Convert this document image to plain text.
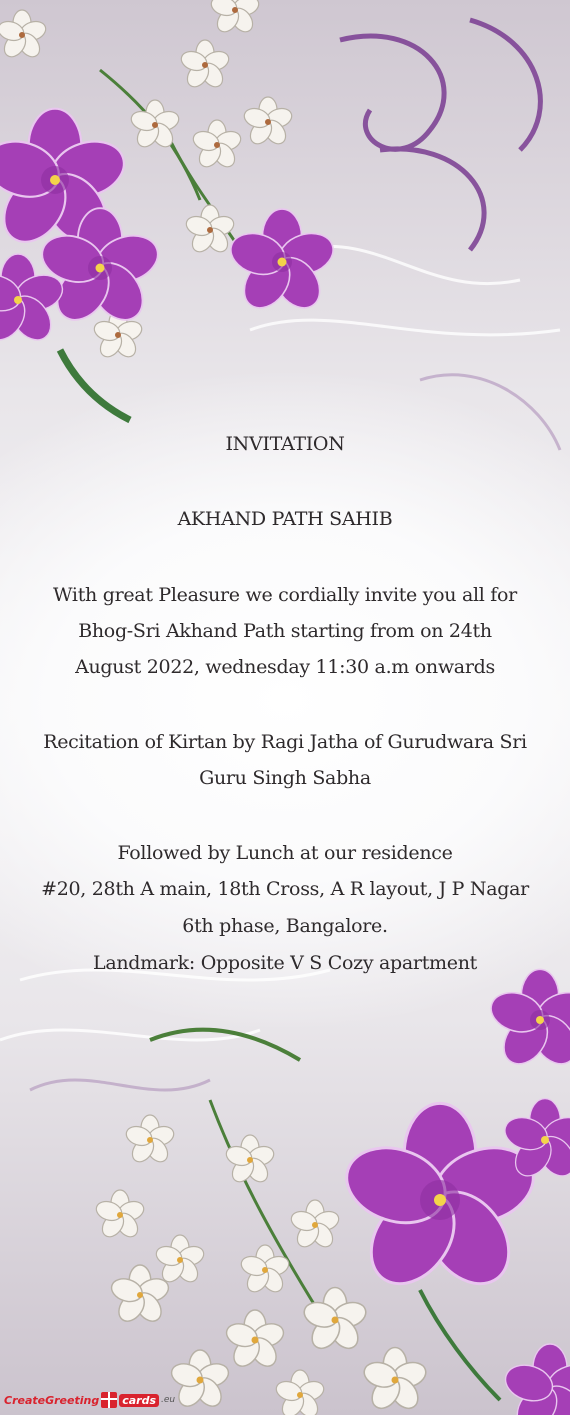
INVITATION
AKHAND PATH SAHIB
With great Pleasure we cordially invite you all for
Bhog-Sri Akhand Path starting from on 24th
August 2022, wednesday 11:30 a.m onwards
Recitation of Kirtan by Ragi Jatha of Gurudwara Sri
Guru Singh Sabha
Followed by Lunch at our residence
#20, 28th A main, 18th Cross, A R layout, J P Nagar
6th phase, Bangalore.
Landmark: Opposite V S Cozy apartment
CreateGreeting cards .eu
